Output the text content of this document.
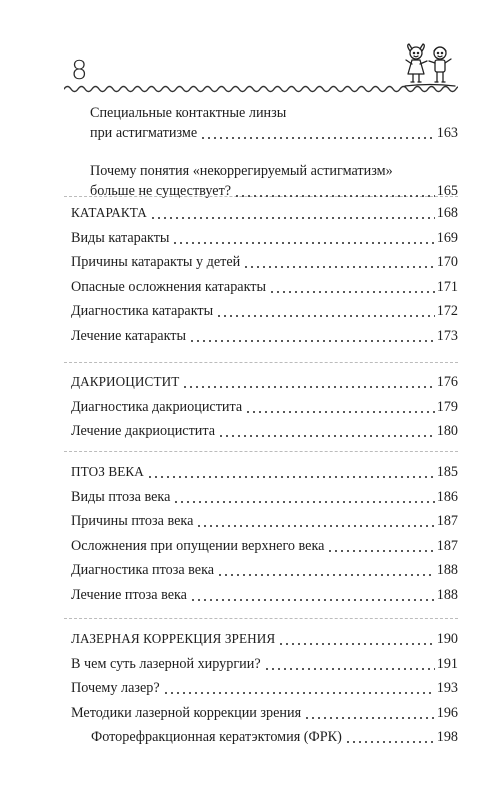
8
Специальные контактные линзы
при астигматизме	163
Почему понятия «некоррегируемый астигматизм»
больше не существует?	165
КАТАРАКТА	168
Виды катаракты	169
Причины катаракты у детей	170
Опасные осложнения катаракты	171
Диагностика катаракты	172
Лечение катаракты	173
ДАКРИОЦИСТИТ	176
Диагностика дакриоцистита	179
Лечение дакриоцистита	180
ПТОЗ ВЕКА	185
Виды птоза века	186
Причины птоза века	187
Осложнения при опущении верхнего века	187
Диагностика птоза века	188
Лечение птоза века	188
ЛАЗЕРНАЯ КОРРЕКЦИЯ ЗРЕНИЯ	190
В чем суть лазерной хирургии?	191
Почему лазер?	193
Методики лазерной коррекции зрения	196
Фоторефракционная кератэктомия (ФРК)	198
